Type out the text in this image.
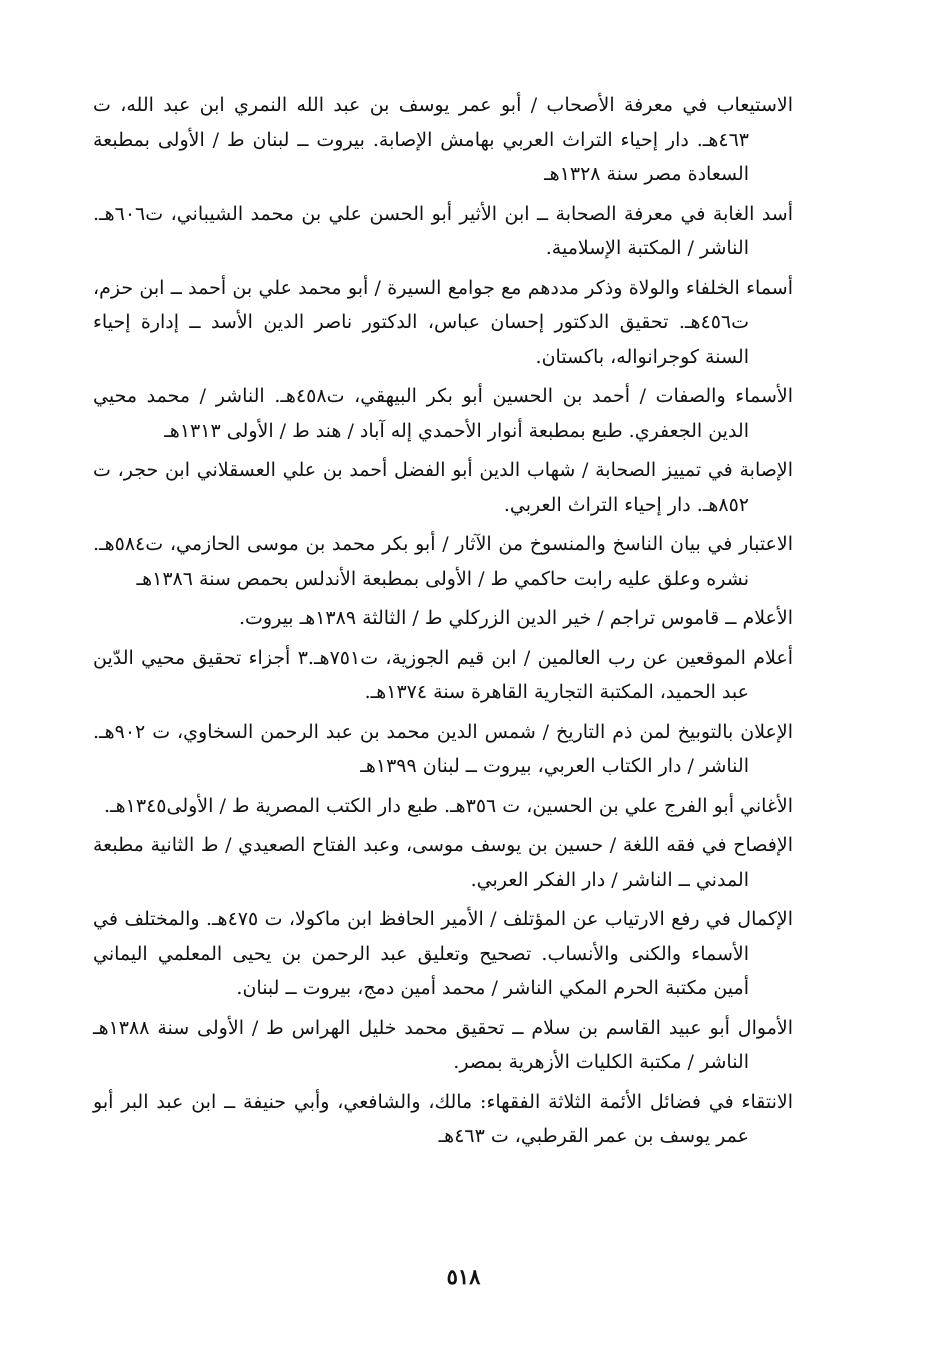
الاستيعاب في معرفة الأصحاب / أبو عمر يوسف بن عبد الله النمري ابن عبد الله، ت ٤٦٣هـ. دار إحياء التراث العربي بهامش الإصابة. بيروت ــ لبنان ط / الأولى بمطبعة السعادة مصر سنة ١٣٢٨هـ

أسد الغابة في معرفة الصحابة ــ ابن الأثير أبو الحسن علي بن محمد الشيباني، ت٦٠٦هـ. الناشر / المكتبة الإسلامية.

أسماء الخلفاء والولاة وذكر مددهم مع جوامع السيرة / أبو محمد علي بن أحمد ــ ابن حزم، ت٤٥٦هـ. تحقيق الدكتور إحسان عباس، الدكتور ناصر الدين الأسد ــ إدارة إحياء السنة كوجرانواله، باكستان.

الأسماء والصفات / أحمد بن الحسين أبو بكر البيهقي، ت٤٥٨هـ. الناشر / محمد محيي الدين الجعفري. طبع بمطبعة أنوار الأحمدي إله آباد / هند ط / الأولى ١٣١٣هـ

الإصابة في تمييز الصحابة / شهاب الدين أبو الفضل أحمد بن علي العسقلاني ابن حجر، ت ٨٥٢هـ. دار إحياء التراث العربي.

الاعتبار في بيان الناسخ والمنسوخ من الآثار / أبو بكر محمد بن موسى الحازمي، ت٥٨٤هـ. نشره وعلق عليه رابت حاكمي ط / الأولى بمطبعة الأندلس بحمص سنة ١٣٨٦هـ

الأعلام ــ قاموس تراجم / خير الدين الزركلي ط / الثالثة ١٣٨٩هـ بيروت.

أعلام الموقعين عن رب العالمين / ابن قيم الجوزية، ت٧٥١هـ.٣ أجزاء تحقيق محيي الدّين عبد الحميد، المكتبة التجارية القاهرة سنة ١٣٧٤هـ.

الإعلان بالتوبيخ لمن ذم التاريخ / شمس الدين محمد بن عبد الرحمن السخاوي، ت ٩٠٢هـ. الناشر / دار الكتاب العربي، بيروت ــ لبنان ١٣٩٩هـ

الأغاني أبو الفرج علي بن الحسين، ت ٣٥٦هـ. طبع دار الكتب المصرية ط / الأولى١٣٤٥هـ.

الإفصاح في فقه اللغة / حسين بن يوسف موسى، وعبد الفتاح الصعيدي / ط الثانية مطبعة المدني ــ الناشر / دار الفكر العربي.

الإكمال في رفع الارتياب عن المؤتلف / الأمير الحافظ ابن ماكولا، ت ٤٧٥هـ. والمختلف في الأسماء والكنى والأنساب. تصحيح وتعليق عبد الرحمن بن يحيى المعلمي اليماني أمين مكتبة الحرم المكي الناشر / محمد أمين دمج، بيروت ــ لبنان.

الأموال أبو عبيد القاسم بن سلام ــ تحقيق محمد خليل الهراس ط / الأولى سنة ١٣٨٨هـ الناشر / مكتبة الكليات الأزهرية بمصر.

الانتقاء في فضائل الأئمة الثلاثة الفقهاء: مالك، والشافعي، وأبي حنيفة ــ ابن عبد البر أبو عمر يوسف بن عمر القرطبي، ت ٤٦٣هـ

٥١٨
